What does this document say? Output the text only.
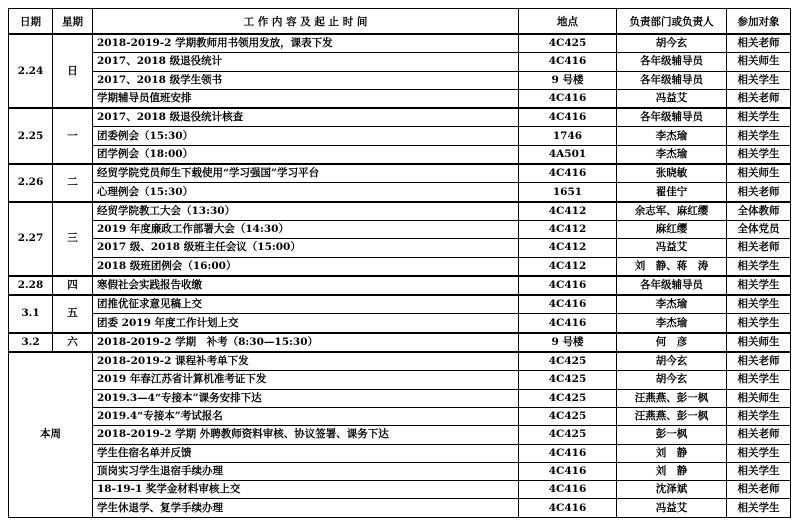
日期	星期	工 作 内 容 及 起 止 时 间	地点	负责部门或负责人	参加对象
2.24	日	2018-2019-2 学期教师用书领用发放，课表下发	4C425	胡今玄	相关老师
		2017、2018 级退役统计	4C416	各年级辅导员	相关师生
		2017、2018 级学生领书	9 号楼	各年级辅导员	相关学生
		学期辅导员值班安排	4C416	冯益艾	相关老师
2.25	一	2017、2018 级退役统计核查	4C416	各年级辅导员	相关学生
		团委例会（15:30）	1746	李杰瑜	相关学生
		团学例会（18:00）	4A501	李杰瑜	相关学生
2.26	二	经贸学院党员师生下载使用“学习强国”学习平台	4C416	张晓敏	相关师生
		心理例会（15:30）	1651	翟佳宁	相关老师
2.27	三	经贸学院教工大会（13:30）	4C412	余志军、麻红缨	全体教师
		2019 年度廉政工作部署大会（14:30）	4C412	麻红缨	全体党员
		2017 级、2018 级班主任会议（15:00）	4C412	冯益艾	相关老师
		2018 级班团例会（16:00）	4C412	刘　静、蒋　涛	相关学生
2.28	四	寒假社会实践报告收缴	4C416	各年级辅导员	相关学生
3.1	五	团推优征求意见稿上交	4C416	李杰瑜	相关学生
		团委 2019 年度工作计划上交	4C416	李杰瑜	相关学生
3.2	六	2018-2019-2 学期　补考（8:30—15:30）	9 号楼	何　彦	相关师生
本周		2018-2019-2 课程补考单下发	4C425	胡今玄	相关老师
		2019 年春江苏省计算机准考证下发	4C425	胡今玄	相关学生
		2019.3—4“专接本”课务安排下达	4C425	汪燕燕、彭一枫	相关师生
		2019.4“专接本”考试报名	4C425	汪燕燕、彭一枫	相关学生
		2018-2019-2 学期 外聘教师资料审核、协议签署、课务下达	4C425	彭一枫	相关老师
		学生住宿名单并反馈	4C416	刘　静	相关学生
		顶岗实习学生退宿手续办理	4C416	刘　静	相关学生
		18-19-1 奖学金材料审核上交	4C416	沈泽斌	相关老师
		学生休退学、复学手续办理	4C416	冯益艾	相关学生
